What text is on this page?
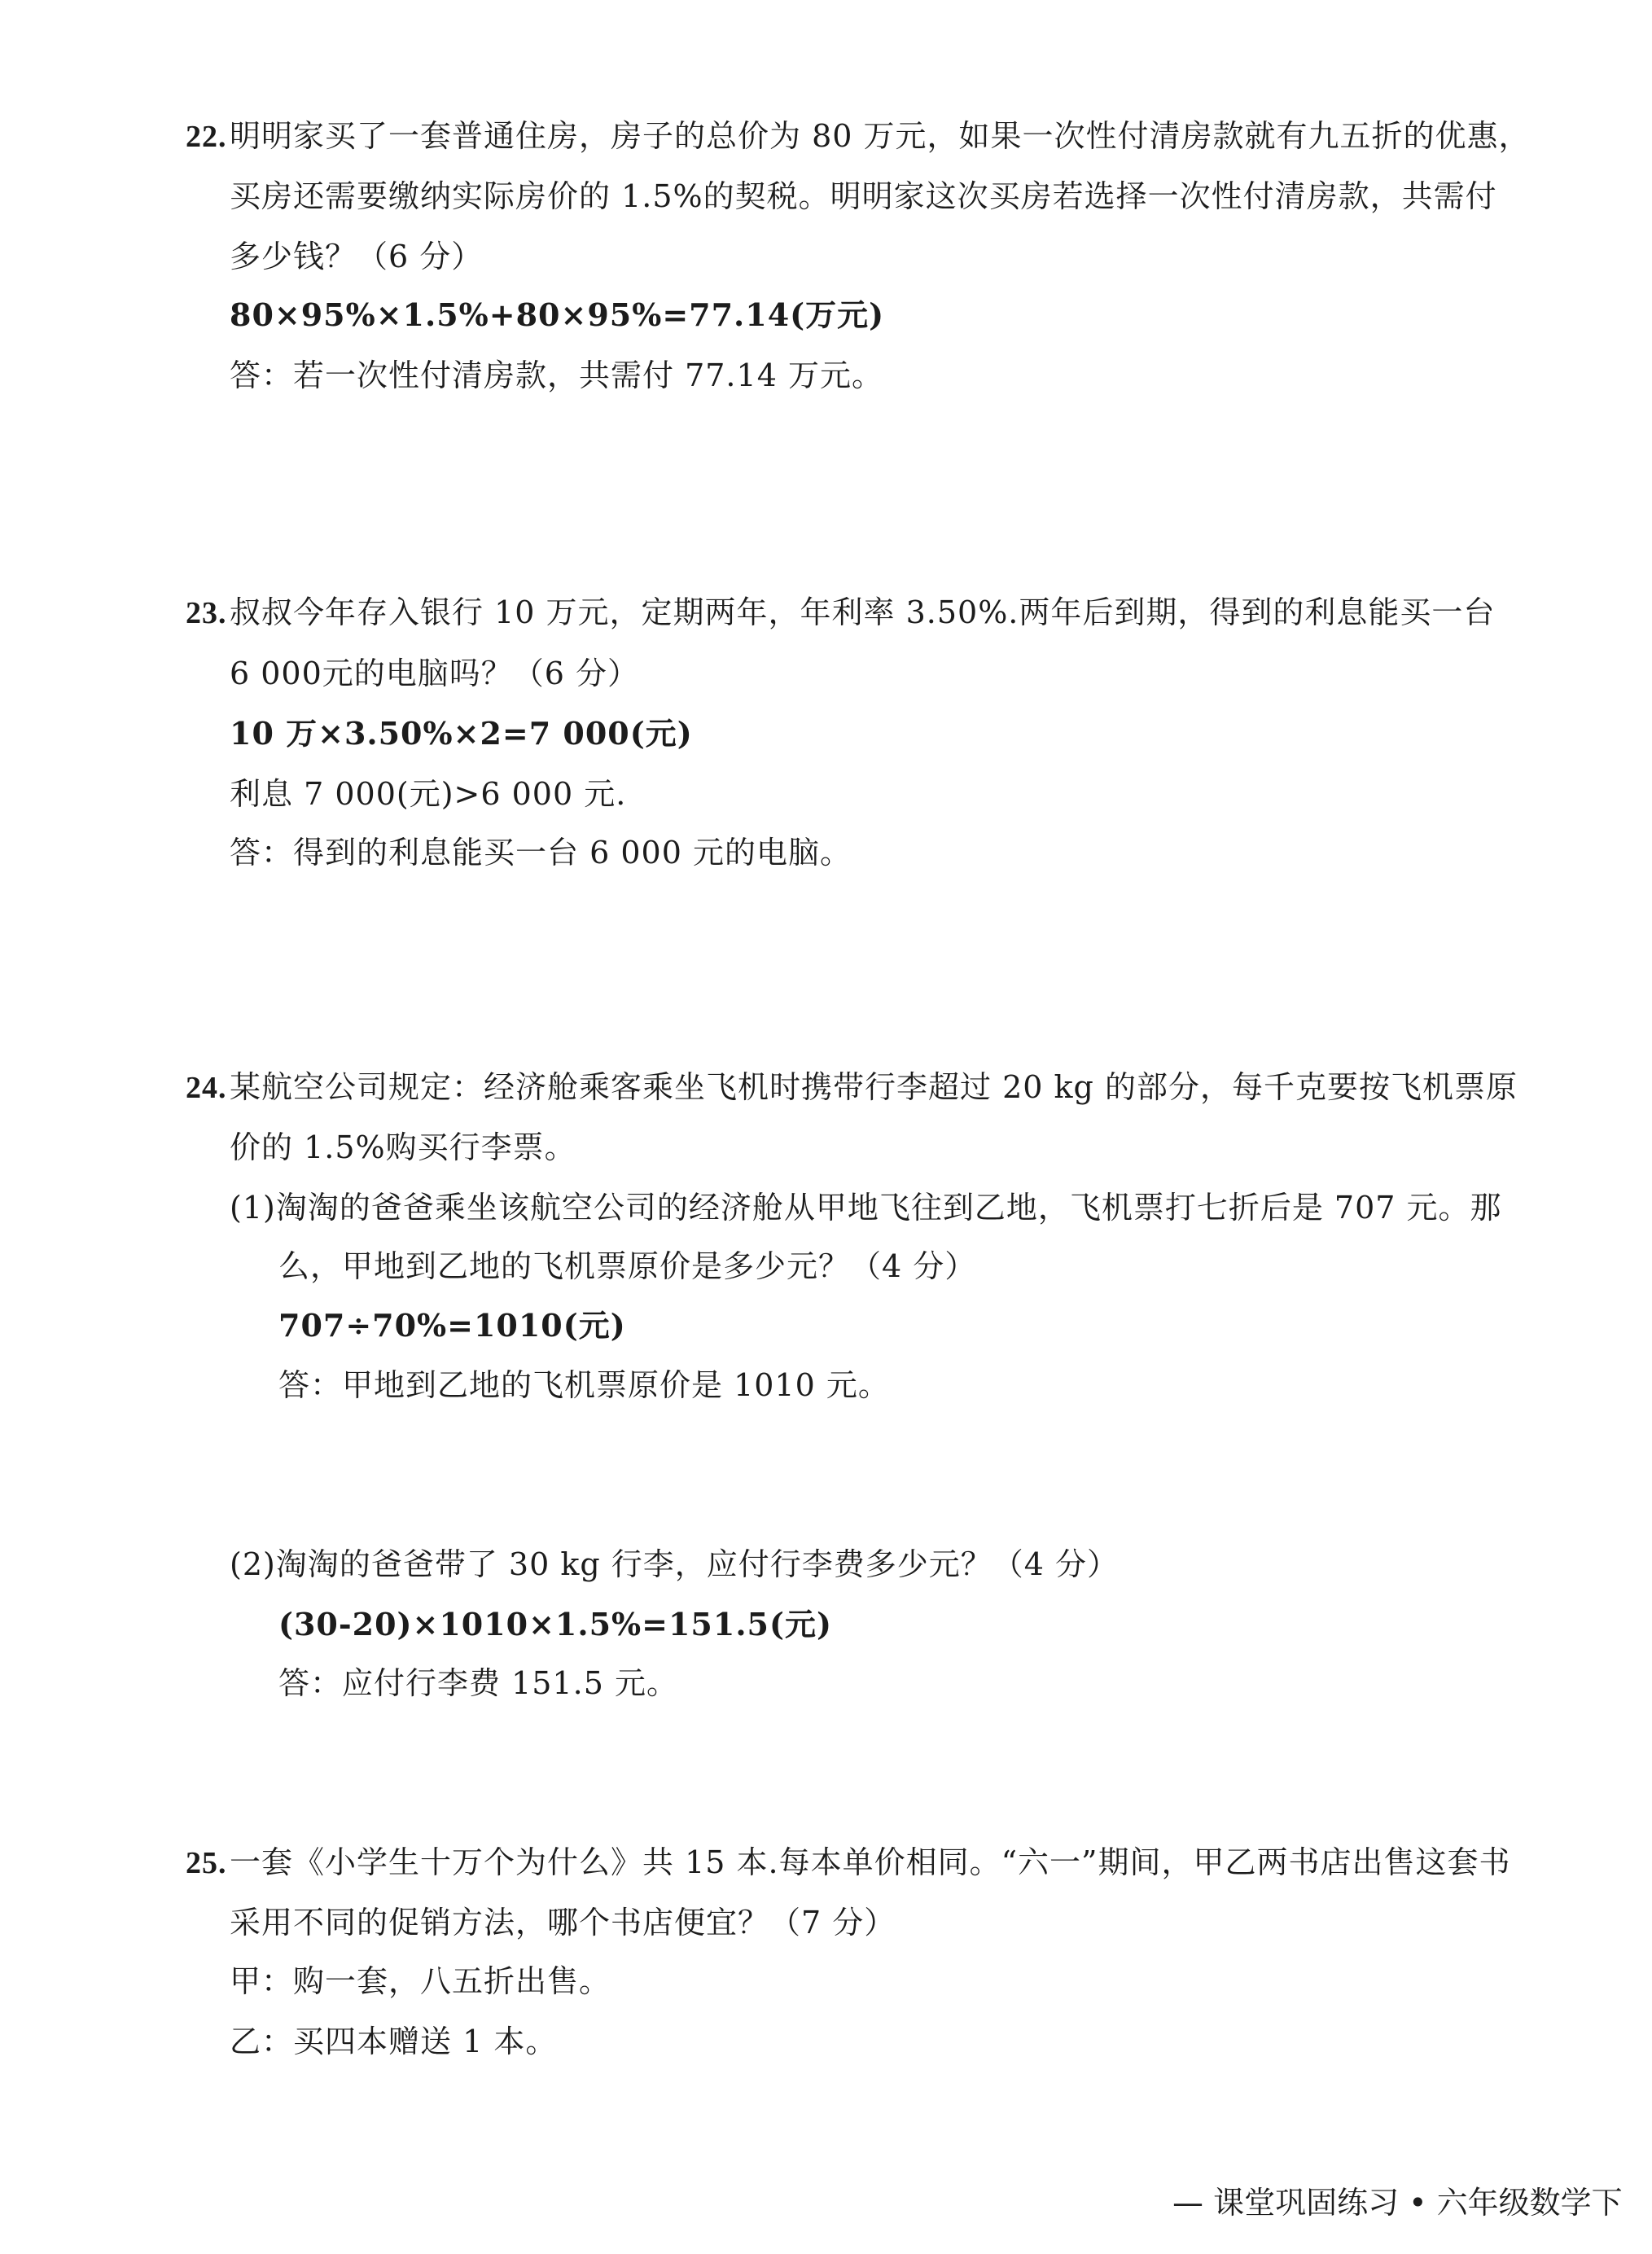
22. 明明家买了一套普通住房，房子的总价为 80 万元，如果一次性付清房款就有九五折的优惠，
买房还需要缴纳实际房价的 1.5%的契税。明明家这次买房若选择一次性付清房款，共需付
多少钱？（6 分）
80×95%×1.5%+80×95%=77.14(万元)
答：若一次性付清房款，共需付 77.14 万元。
23. 叔叔今年存入银行 10 万元，定期两年，年利率 3.50%.两年后到期，得到的利息能买一台
6 000元的电脑吗？（6 分）
10 万×3.50%×2=7 000(元)
利息 7 000(元)>6 000 元.
答：得到的利息能买一台 6 000 元的电脑。
24. 某航空公司规定：经济舱乘客乘坐飞机时携带行李超过 20 kg 的部分，每千克要按飞机票原
价的 1.5%购买行李票。
(1)淘淘的爸爸乘坐该航空公司的经济舱从甲地飞往到乙地，飞机票打七折后是 707 元。那
么，甲地到乙地的飞机票原价是多少元？（4 分）
707÷70%=1010(元)
答：甲地到乙地的飞机票原价是 1010 元。
(2)淘淘的爸爸带了 30 kg 行李，应付行李费多少元？（4 分）
(30-20)×1010×1.5%=151.5(元)
答：应付行李费 151.5 元。
25. 一套《小学生十万个为什么》共 15 本.每本单价相同。“六一”期间，甲乙两书店出售这套书
采用不同的促销方法，哪个书店便宜？（7 分）
甲：购一套，八五折出售。
乙：买四本赠送 1 本。
— 课堂巩固练习 • 六年级数学下
